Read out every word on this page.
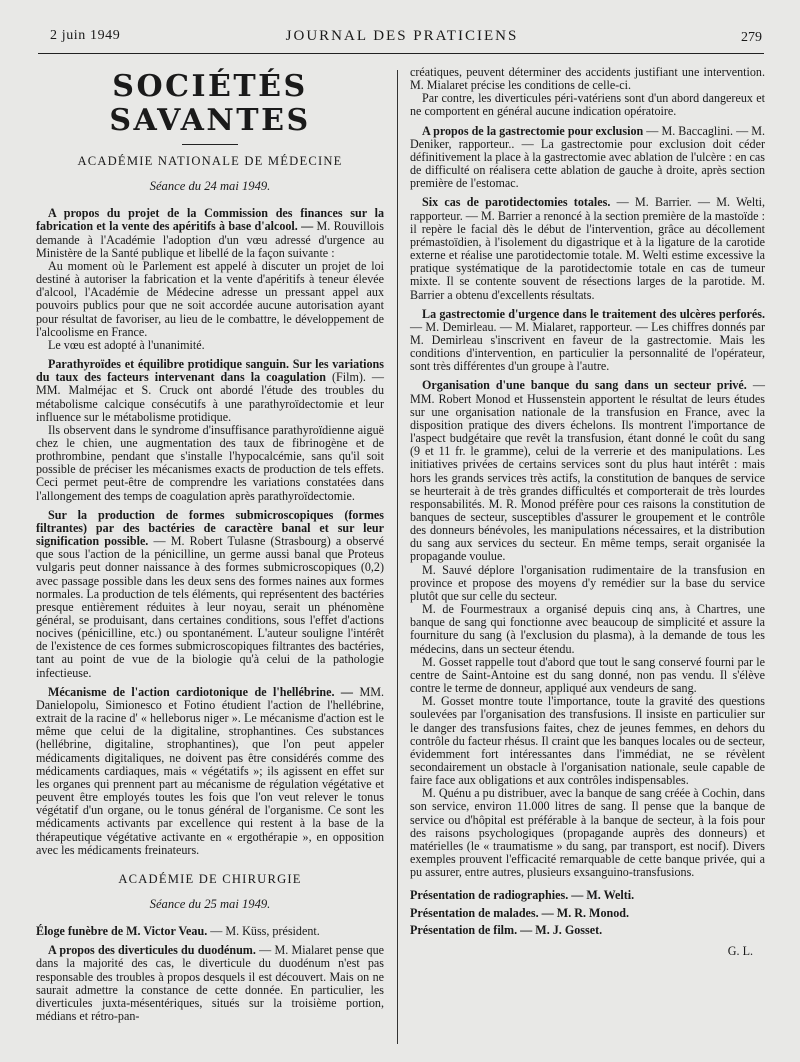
2 juin 1949	JOURNAL DES PRATICIENS	279
SOCIÉTÉS SAVANTES
ACADÉMIE NATIONALE DE MÉDECINE
Séance du 24 mai 1949.

A propos du projet de la Commission des finances sur la fabrication et la vente des apéritifs à base d'alcool. — M. Rouvillois demande à l'Académie l'adoption d'un vœu adressé d'urgence au Ministère de la Santé publique et libellé de la façon suivante :

Au moment où le Parlement est appelé à discuter un projet de loi destiné à autoriser la fabrication et la vente d'apéritifs à teneur élevée d'alcool, l'Académie de Médecine adresse un pressant appel aux pouvoirs publics pour que ne soit accordée aucune autorisation ayant pour résultat de favoriser, au lieu de le combattre, le développement de l'alcoolisme en France.

Le vœu est adopté à l'unanimité.

Parathyroïdes et équilibre protidique sanguin. Sur les variations du taux des facteurs intervenant dans la coagulation (Film). — MM. Malméjac et S. Cruck ont abordé l'étude des troubles du métabolisme calcique consécutifs à une parathyroïdectomie et leur influence sur le métabolisme protidique.

Ils observent dans le syndrome d'insuffisance parathyroïdienne aiguë chez le chien, une augmentation des taux de fibrinogène et de prothrombine, pendant que s'installe l'hypocalcémie, sans qu'il soit possible de préciser les mécanismes exacts de production de tels effets. Ceci permet peut-être de comprendre les variations constatées dans l'allongement des temps de coagulation après parathyroïdectomie.

Sur la production de formes submicroscopiques (formes filtrantes) par des bactéries de caractère banal et sur leur signification possible. — M. Robert Tulasne (Strasbourg) a observé que sous l'action de la pénicilline, un germe aussi banal que Proteus vulgaris peut donner naissance à des formes submicroscopiques (0,2) avec passage possible dans les deux sens des formes naines aux formes normales. La production de tels éléments, qui représentent des bactéries presque entièrement réduites à leur noyau, serait un phénomène général, se produisant, dans certaines conditions, sous l'effet d'actions nocives (pénicilline, etc.) ou spontanément. L'auteur souligne l'intérêt de l'existence de ces formes submicroscopiques filtrantes des bactéries, tant au point de vue de la biologie qu'à celui de la pathologie infectieuse.

Mécanisme de l'action cardiotonique de l'hellébrine. — MM. Danielopolu, Simionesco et Fotino étudient l'action de l'hellébrine, extrait de la racine d' « helleborus niger ». Le mécanisme d'action est le même que celui de la digitaline, strophantines. Ces substances (hellébrine, digitaline, strophantines), que l'on peut appeler médicaments digitaliques, ne doivent pas être considérés comme des médicaments cardiaques, mais « végétatifs »; ils agissent en effet sur les organes qui prennent part au mécanisme de régulation végétative et peuvent être employés toutes les fois que l'on veut relever le tonus végétatif d'un organe, ou le tonus général de l'organisme. Ce sont les médicaments activants par excellence qui restent à la base de la thérapeutique végétative activante en « ergothérapie », en opposition avec les médicaments freinateurs.

ACADÉMIE DE CHIRURGIE
Séance du 25 mai 1949.

Éloge funèbre de M. Victor Veau. — M. Küss, président.

A propos des diverticules du duodénum. — M. Mialaret pense que dans la majorité des cas, le diverticule du duodénum n'est pas responsable des troubles à propos desquels il est découvert. Mais on ne saurait admettre la constance de cette donnée. En particulier, les diverticules juxta-mésentériques, situés sur la troisième portion, médians et rétro-pan-

créatiques, peuvent déterminer des accidents justifiant une intervention. M. Mialaret précise les conditions de celle-ci.

Par contre, les diverticules péri-vatériens sont d'un abord dangereux et ne comportent en général aucune indication opératoire.

A propos de la gastrectomie pour exclusion — M. Baccaglini. — M. Deniker, rapporteur.. — La gastrectomie pour exclusion doit céder définitivement la place à la gastrectomie avec ablation de l'ulcère : en cas de difficulté on réalisera cette ablation de gauche à droite, après section première de l'estomac.

Six cas de parotidectomies totales. — M. Barrier. — M. Welti, rapporteur. — M. Barrier a renoncé à la section première de la mastoïde : il repère le facial dès le début de l'intervention, grâce au décollement prémastoïdien, à l'isolement du digastrique et à la ligature de la carotide externe et réalise une parotidectomie totale. M. Welti estime excessive la pratique systématique de la parotidectomie totale en cas de tumeur mixte. Il se contente souvent de résections larges de la parotide. M. Barrier a obtenu d'excellents résultats.

La gastrectomie d'urgence dans le traitement des ulcères perforés. — M. Demirleau. — M. Mialaret, rapporteur. — Les chiffres donnés par M. Demirleau s'inscrivent en faveur de la gastrectomie. Mais les conditions d'intervention, en particulier la personnalité de l'opérateur, sont très différentes d'un groupe à l'autre.

Organisation d'une banque du sang dans un secteur privé. — MM. Robert Monod et Hussenstein apportent le résultat de leurs études sur une organisation nationale de la transfusion en France, avec la disposition pratique des divers échelons. Ils montrent l'importance de l'aspect budgétaire que revêt la transfusion, étant donné le coût du sang (9 et 11 fr. le gramme), celui de la verrerie et des manipulations. Les initiatives privées de certains services sont du plus haut intérêt : mais hors les grands services très actifs, la constitution de banques de service se heurterait à de très grandes difficultés et comporterait de très lourdes responsabilités. M. R. Monod préfère pour ces raisons la constitution de banques de secteur, susceptibles d'assurer le groupement et le contrôle des donneurs bénévoles, les manipulations nécessaires, et la distribution du sang aux services du secteur. En même temps, serait organisée la propagande voulue.

M. Sauvé déplore l'organisation rudimentaire de la transfusion en province et propose des moyens d'y remédier sur la base du service plutôt que sur celle du secteur.

M. de Fourmestraux a organisé depuis cinq ans, à Chartres, une banque de sang qui fonctionne avec beaucoup de simplicité et assure la fourniture du sang (à l'exclusion du plasma), à la demande de tous les médecins, dans un secteur étendu.

M. Gosset rappelle tout d'abord que tout le sang conservé fourni par le centre de Saint-Antoine est du sang donné, non pas vendu. Il s'élève contre le terme de donneur, appliqué aux vendeurs de sang.

M. Gosset montre toute l'importance, toute la gravité des questions soulevées par l'organisation des transfusions. Il insiste en particulier sur le danger des transfusions faites, chez de jeunes femmes, en dehors du contrôle du facteur rhésus. Il craint que les banques locales ou de secteur, évidemment fort intéressantes dans l'immédiat, ne se révèlent secondairement un obstacle à l'organisation nationale, seule capable de faire face aux obligations et aux contrôles indispensables.

M. Quénu a pu distribuer, avec la banque de sang créée à Cochin, dans son service, environ 11.000 litres de sang. Il pense que la banque de service ou d'hôpital est préférable à la banque de secteur, à la fois pour des raisons psychologiques (propagande auprès des donneurs) et matérielles (le « traumatisme » du sang, par transport, est nocif). Divers exemples prouvent l'efficacité remarquable de cette banque privée, qui a pu assurer, entre autres, plusieurs exsanguino-transfusions.

Présentation de radiographies. — M. Welti.

Présentation de malades. — M. R. Monod.

Présentation de film. — M. J. Gosset.

G. L.
